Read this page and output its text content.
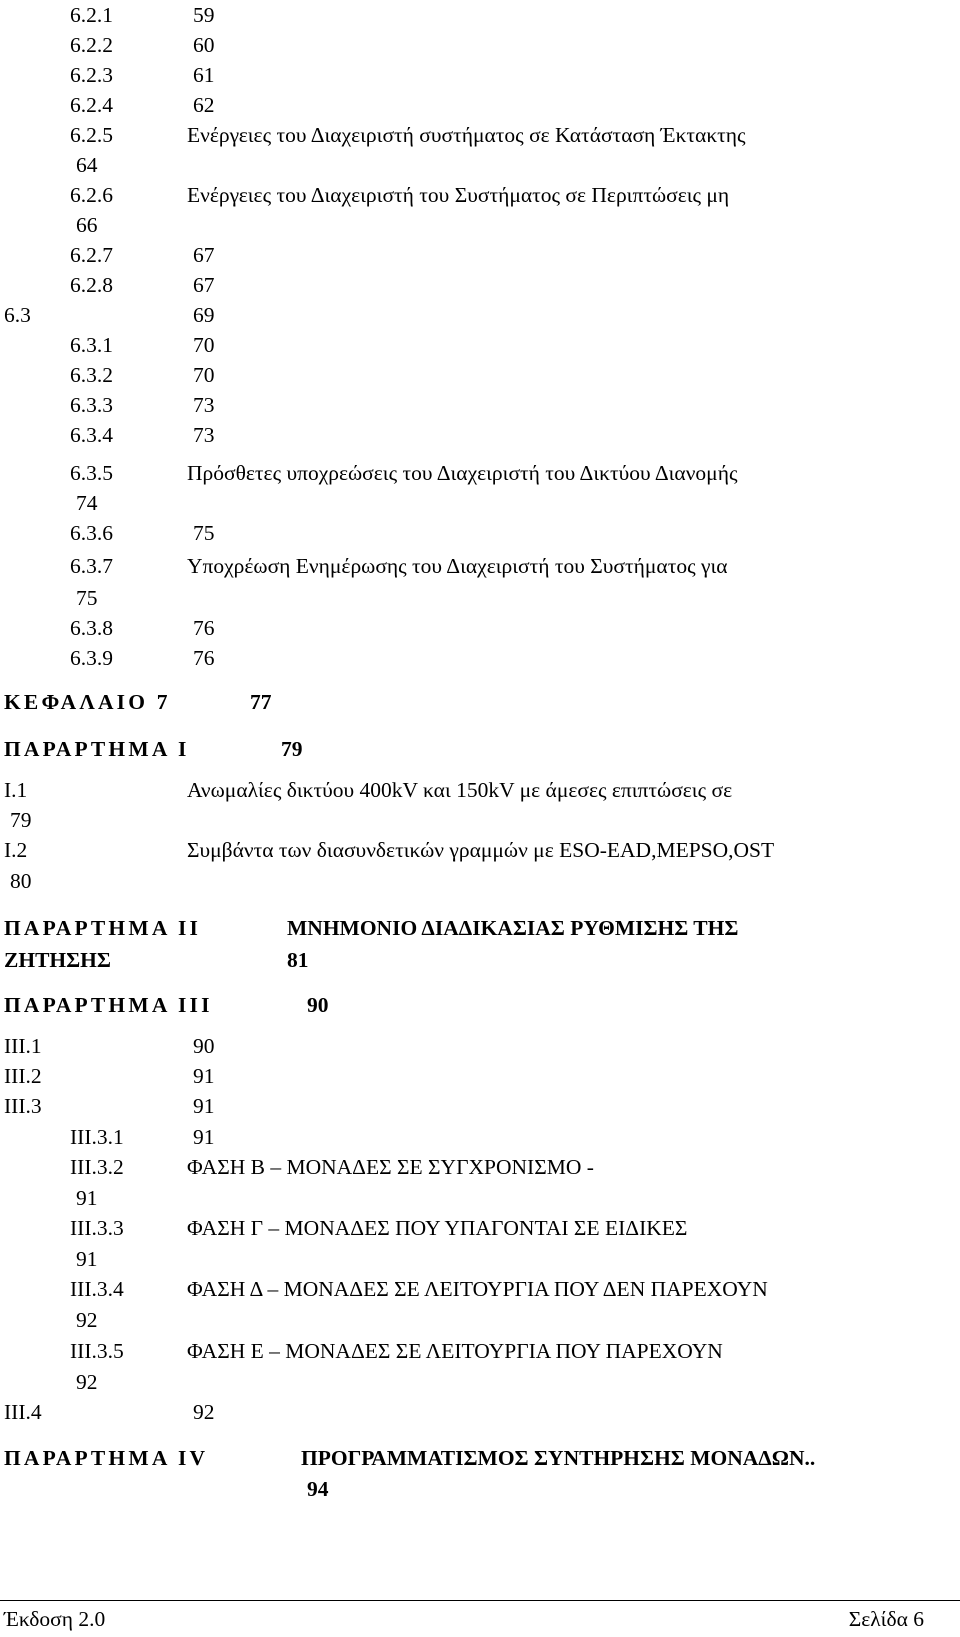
6.2.1	59
6.2.2	60
6.2.3	61
6.2.4	62
6.2.5	Ενέργειες του Διαχειριστή συστήματος σε Κατάσταση Έκτακτης
64
6.2.6	Ενέργειες του Διαχειριστή του Συστήματος σε Περιπτώσεις μη
66
6.2.7	67
6.2.8	67
6.3	69
6.3.1	70
6.3.2	70
6.3.3	73
6.3.4	73
6.3.5	Πρόσθετες υποχρεώσεις του Διαχειριστή του Δικτύου Διανομής
74
6.3.6	75
6.3.7	Υποχρέωση Ενημέρωσης του Διαχειριστή του Συστήματος για
75
6.3.8	76
6.3.9	76
ΚΕΦΑΛΑΙΟ 7	77
ΠΑΡΑΡΤΗΜΑ Ι	79
I.1	Ανωμαλίες δικτύου 400kV και 150kV με άμεσες επιπτώσεις σε
79
I.2	Συμβάντα των διασυνδετικών γραμμών με ESO-EAD,MEPSO,OST
80
ΠΑΡΑΡΤΗΜΑ ΙΙ	ΜΝΗΜΟΝΙΟ ΔΙΑΔΙΚΑΣΙΑΣ ΡΥΘΜΙΣΗΣ ΤΗΣ
ΖΗΤΗΣΗΣ	81
ΠΑΡΑΡΤΗΜΑ ΙΙΙ	90
III.1	90
III.2	91
III.3	91
III.3.1	91
III.3.2	ΦΑΣΗ Β – ΜΟΝΑΔΕΣ ΣΕ ΣΥΓΧΡΟΝΙΣΜΟ -
91
III.3.3	ΦΑΣΗ Γ – ΜΟΝΑΔΕΣ ΠΟΥ ΥΠΑΓΟΝΤΑΙ ΣΕ ΕΙΔΙΚΕΣ
91
III.3.4	ΦΑΣΗ Δ – ΜΟΝΑΔΕΣ ΣΕ ΛΕΙΤΟΥΡΓΙΑ ΠΟΥ ΔΕΝ ΠΑΡΕΧΟΥΝ
92
III.3.5	ΦΑΣΗ Ε – ΜΟΝΑΔΕΣ ΣΕ ΛΕΙΤΟΥΡΓΙΑ ΠΟΥ ΠΑΡΕΧΟΥΝ
92
III.4	92
ΠΑΡΑΡΤΗΜΑ ΙV	ΠΡΟΓΡΑΜΜΑΤΙΣΜΟΣ ΣΥΝΤΗΡΗΣΗΣ ΜΟΝΑΔΩΝ..
94
Έκδοση 2.0	Σελίδα 6
